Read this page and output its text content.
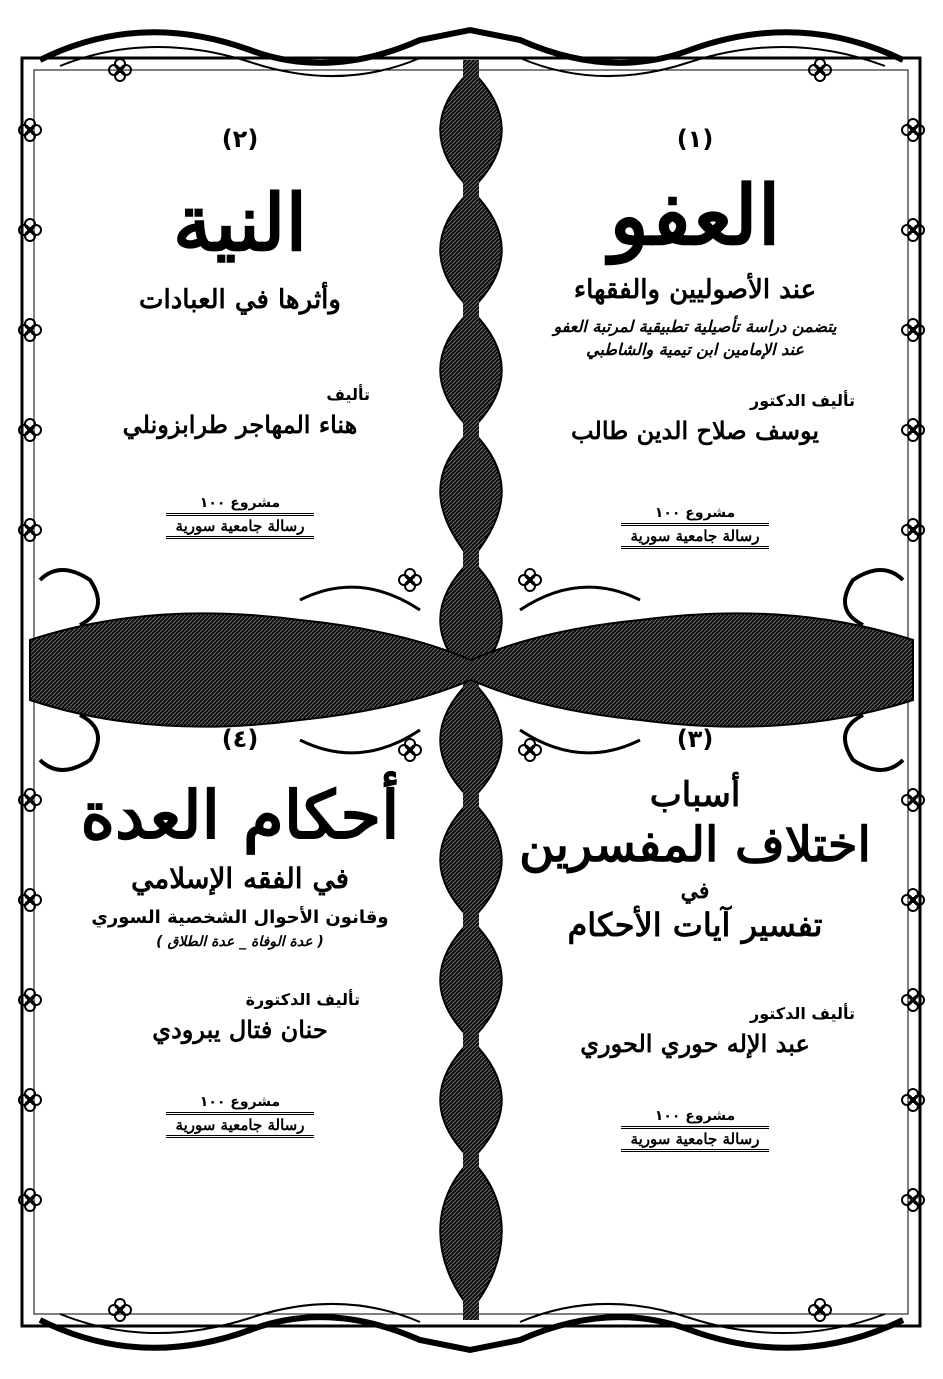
(١)
العفو
عند الأصوليين والفقهاء
يتضمن دراسة تأصيلية تطبيقية لمرتبة العفو
عند الإمامين ابن تيمية والشاطبي
تأليف الدكتور
يوسف صلاح الدين طالب
مشروع ١٠٠
رسالة جامعية سورية
(٢)
النية
وأثرها في العبادات
تأليف
هناء المهاجر طرابزونلي
مشروع ١٠٠
رسالة جامعية سورية
(٣)
أسباب
اختلاف المفسرين
في
تفسير آيات الأحكام
تأليف الدكتور
عبد الإله حوري الحوري
مشروع ١٠٠
رسالة جامعية سورية
(٤)
أحكام العدة
في الفقه الإسلامي
وقانون الأحوال الشخصية السوري
( عدة الوفاة _ عدة الطلاق )
تأليف الدكتورة
حنان فتال يبرودي
مشروع ١٠٠
رسالة جامعية سورية
